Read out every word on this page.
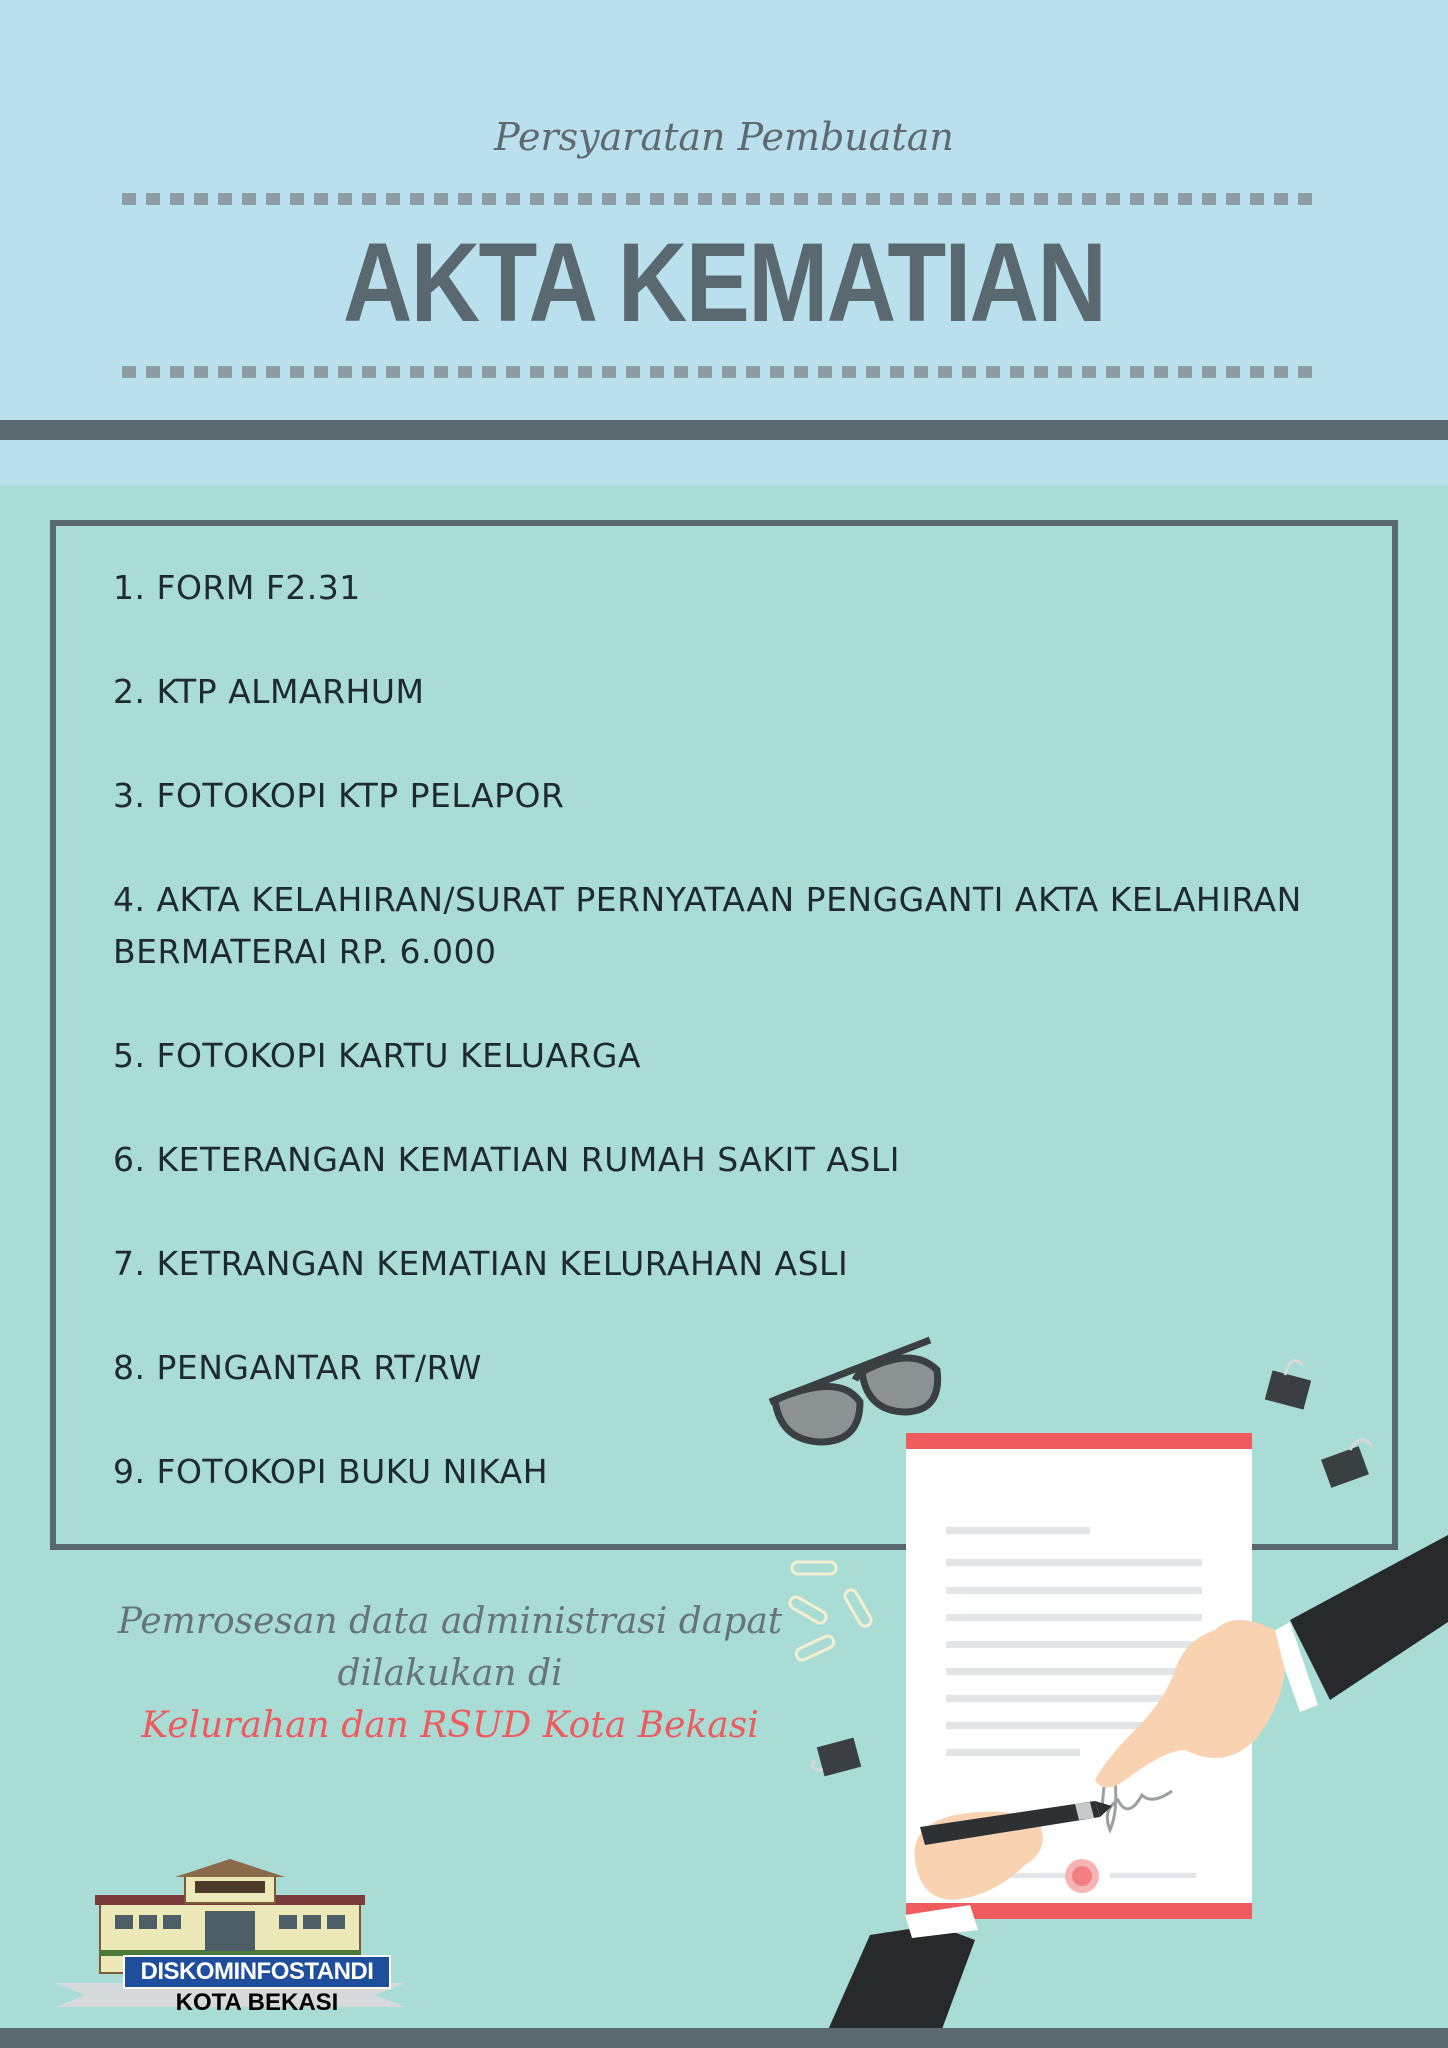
Persyaratan Pembuatan
AKTA KEMATIAN
1. FORM F2.31
2. KTP ALMARHUM
3. FOTOKOPI KTP PELAPOR
4. AKTA KELAHIRAN/SURAT PERNYATAAN PENGGANTI AKTA KELAHIRAN BERMATERAI RP. 6.000
5. FOTOKOPI KARTU KELUARGA
6. KETERANGAN KEMATIAN RUMAH SAKIT ASLI
7. KETRANGAN KEMATIAN KELURAHAN ASLI
8. PENGANTAR RT/RW
9. FOTOKOPI BUKU NIKAH
Pemrosesan data administrasi dapat dilakukan di
Kelurahan dan RSUD Kota Bekasi
DISKOMINFOSTANDI
KOTA BEKASI
